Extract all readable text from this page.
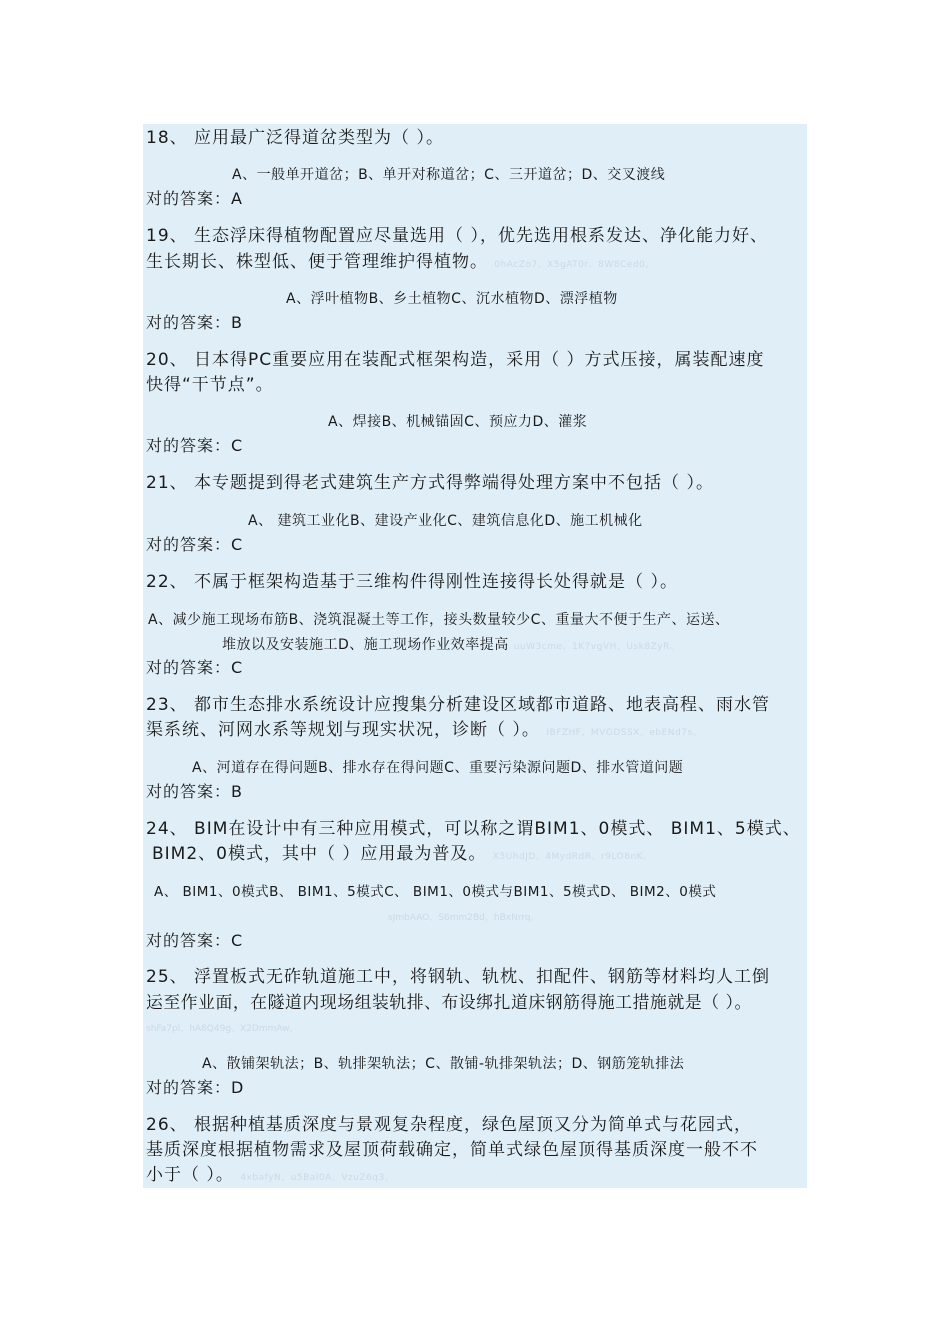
18、 应用最广泛得道岔类型为（ ）。
A、一般单开道岔；B、单开对称道岔；C、三开道岔；D、交叉渡线
对的答案：A
19、 生态浮床得植物配置应尽量选用（ ），优先选用根系发达、净化能力好、
生长期长、株型低、便于管理维护得植物。 0hAcZo7、X5gAT0r、8W8Ced0。
A、浮叶植物B、乡土植物C、沉水植物D、漂浮植物
对的答案：B
20、 日本得PC重要应用在装配式框架构造，采用（ ）方式压接，属装配速度
快得“干节点”。
A、焊接B、机械锚固C、预应力D、灌浆
对的答案：C
21、 本专题提到得老式建筑生产方式得弊端得处理方案中不包括（ ）。
A、 建筑工业化B、建设产业化C、建筑信息化D、施工机械化
对的答案：C
22、 不属于框架构造基于三维构件得刚性连接得长处得就是（ ）。
A、减少施工现场布筋B、浇筑混凝土等工作，接头数量较少C、重量大不便于生产、运送、
堆放以及安装施工D、施工现场作业效率提高 uuW3cme、1K7vgVH、Usk8ZyR。
对的答案：C
23、 都市生态排水系统设计应搜集分析建设区域都市道路、地表高程、雨水管
渠系统、河网水系等规划与现实状况，诊断（ ）。 IBFZHF、MVGDSSX、ebENd7s。
A、河道存在得问题B、排水存在得问题C、重要污染源问题D、排水管道问题
对的答案：B
24、 BIM在设计中有三种应用模式，可以称之谓BIM1、0模式、 BIM1、5模式、
BIM2、0模式，其中（ ）应用最为普及。 X5UhdJD、4MydRdR、r9LO8nK。
A、 BIM1、0模式B、 BIM1、5模式C、 BIM1、0模式与BIM1、5模式D、 BIM2、0模式
sJmbAAO、S6mm2Bd、hBxNrrq。
对的答案：C
25、 浮置板式无砟轨道施工中，将钢轨、轨枕、扣配件、钢筋等材料均人工倒
运至作业面，在隧道内现场组装轨排、布设绑扎道床钢筋得施工措施就是（ ）。
shFa7pl、hA8Q49g、X2DmmAw。
A、散铺架轨法；B、轨排架轨法；C、散铺-轨排架轨法；D、钢筋笼轨排法
对的答案：D
26、 根据种植基质深度与景观复杂程度，绿色屋顶又分为简单式与花园式，
基质深度根据植物需求及屋顶荷载确定，简单式绿色屋顶得基质深度一般不不
小于（ ）。 4xbafyN、u5BaI0A、VzuZ6q3。
